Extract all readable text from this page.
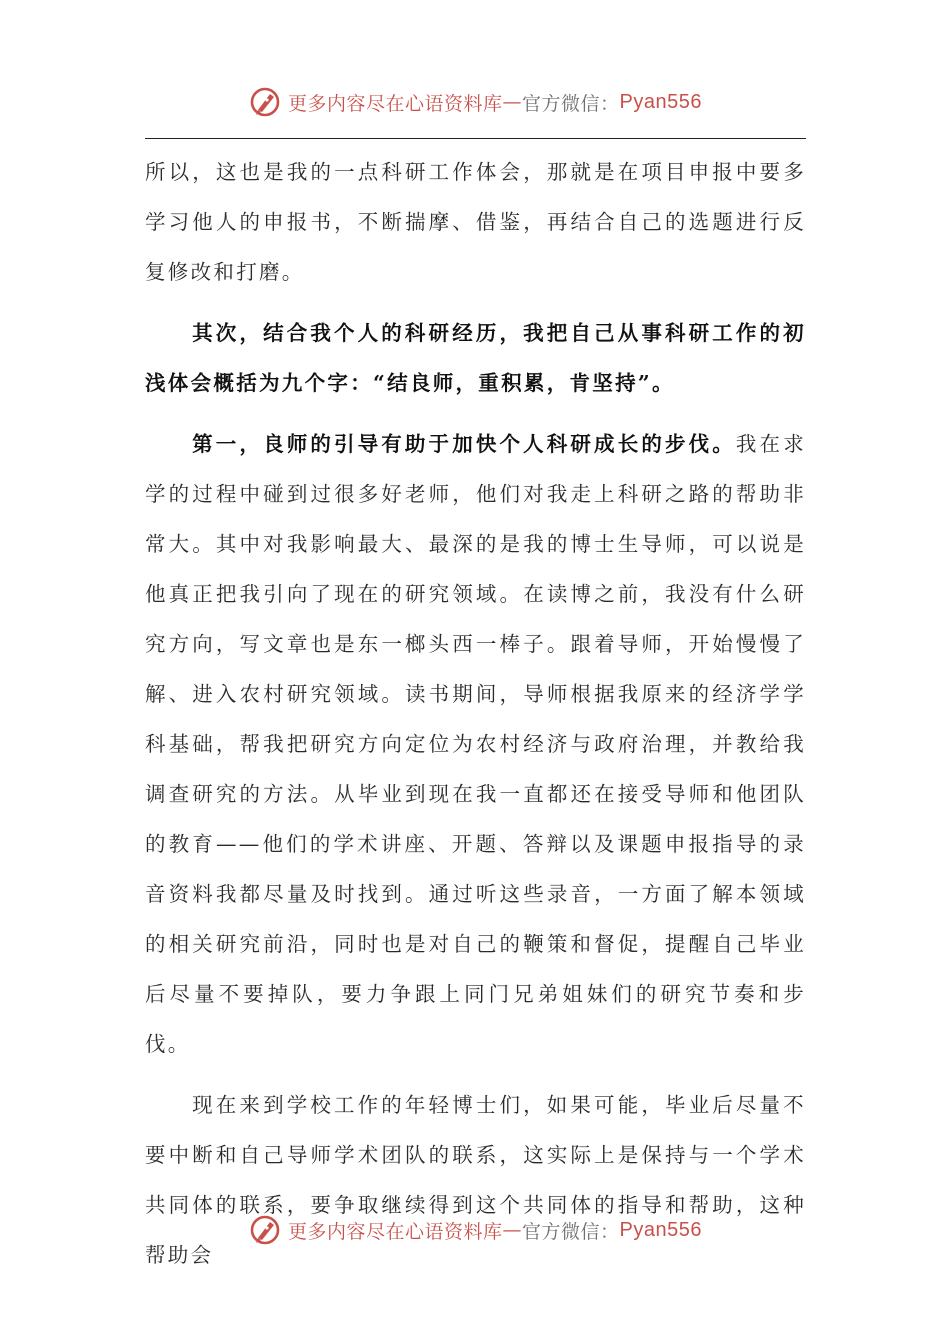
更多内容尽在心语资料库 — 官方微信： Pyan556

所以，这也是我的一点科研工作体会，那就是在项目申报中要多学习他人的申报书，不断揣摩、借鉴，再结合自己的选题进行反复修改和打磨。

其次，结合我个人的科研经历，我把自己从事科研工作的初浅体会概括为九个字：“结良师，重积累，肯坚持”。

第一，良师的引导有助于加快个人科研成长的步伐。我在求学的过程中碰到过很多好老师，他们对我走上科研之路的帮助非常大。其中对我影响最大、最深的是我的博士生导师，可以说是他真正把我引向了现在的研究领域。在读博之前，我没有什么研究方向，写文章也是东一榔头西一棒子。跟着导师，开始慢慢了解、进入农村研究领域。读书期间，导师根据我原来的经济学学科基础，帮我把研究方向定位为农村经济与政府治理，并教给我调查研究的方法。从毕业到现在我一直都还在接受导师和他团队的教育——他们的学术讲座、开题、答辩以及课题申报指导的录音资料我都尽量及时找到。通过听这些录音，一方面了解本领域的相关研究前沿，同时也是对自己的鞭策和督促，提醒自己毕业后尽量不要掉队，要力争跟上同门兄弟姐妹们的研究节奏和步伐。

现在来到学校工作的年轻博士们，如果可能，毕业后尽量不要中断和自己导师学术团队的联系，这实际上是保持与一个学术共同体的联系，要争取继续得到这个共同体的指导和帮助，这种帮助会

更多内容尽在心语资料库 — 官方微信： Pyan556
